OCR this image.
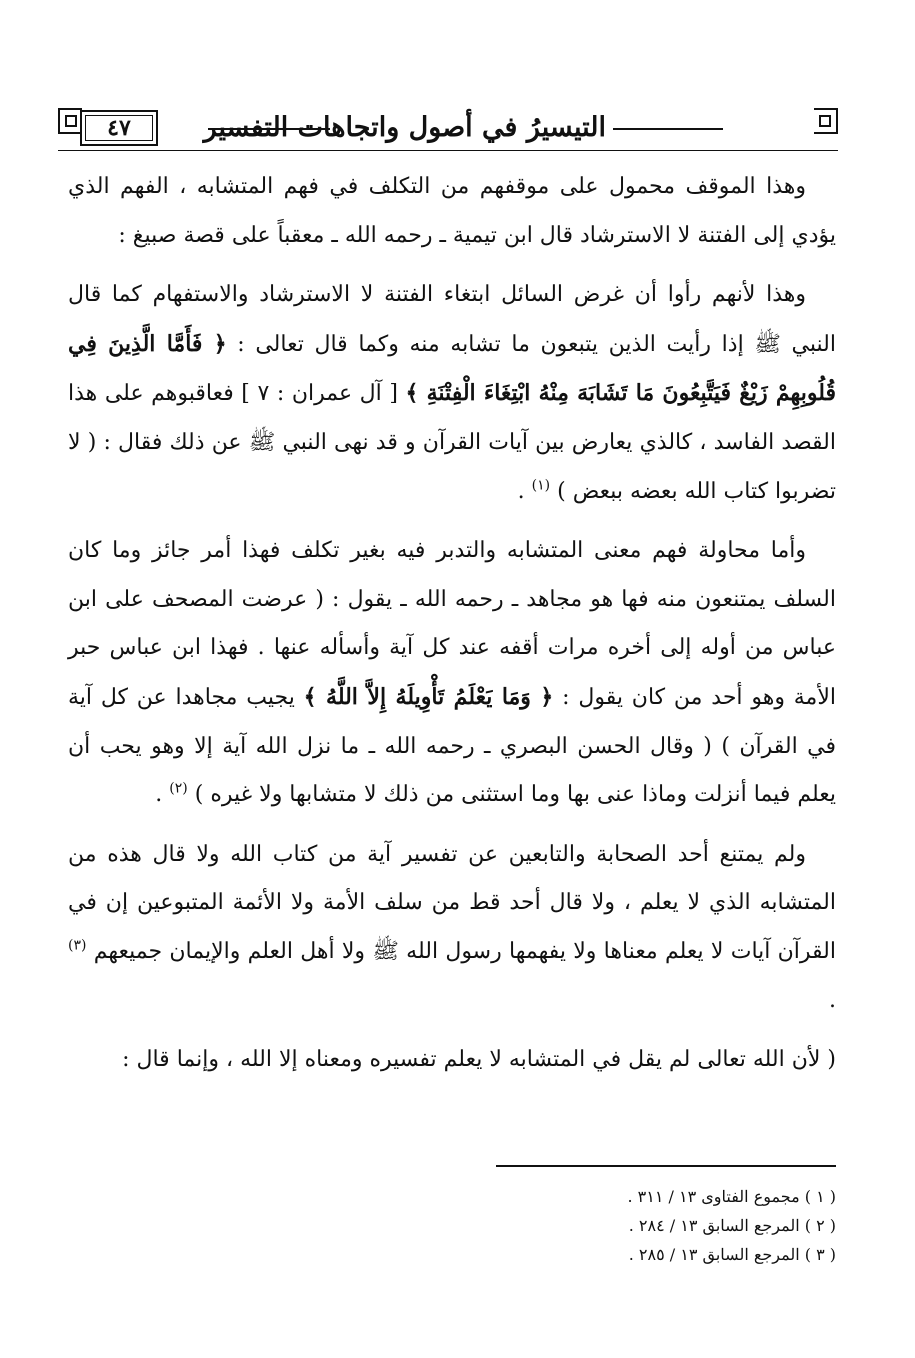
٤٧	التيسيرُ في أصول واتجاهات التفسير

وهذا الموقف محمول على موقفهم من التكلف في فهم المتشابه ، الفهم الذي يؤدي إلى الفتنة لا الاسترشاد قال ابن تيمية ـ رحمه الله ـ معقباً على قصة صبيغ :

وهذا لأنهم رأوا أن غرض السائل ابتغاء الفتنة لا الاسترشاد والاستفهام كما قال النبي ﷺ إذا رأيت الذين يتبعون ما تشابه منه وكما قال تعالى : ﴿ فَأَمَّا الَّذِينَ فِي قُلُوبِهِمْ زَيْغٌ فَيَتَّبِعُونَ مَا تَشَابَهَ مِنْهُ ابْتِغَاءَ الْفِتْنَةِ ﴾ [ آل عمران : ٧ ] فعاقبوهم على هذا القصد الفاسد ، كالذي يعارض بين آيات القرآن و قد نهى النبي ﷺ عن ذلك فقال : ( لا تضربوا كتاب الله بعضه ببعض ) $^{(١)}$ .

وأما محاولة فهم معنى المتشابه والتدبر فيه بغير تكلف فهذا أمر جائز وما كان السلف يمتنعون منه فها هو مجاهد ـ رحمه الله ـ يقول : ( عرضت المصحف على ابن عباس من أوله إلى أخره مرات أقفه عند كل آية وأسأله عنها . فهذا ابن عباس حبر الأمة وهو أحد من كان يقول : ﴿ وَمَا يَعْلَمُ تَأْوِيلَهُ إِلاَّ اللَّهُ ﴾ يجيب مجاهدا عن كل آية في القرآن ) ( وقال الحسن البصري ـ رحمه الله ـ ما نزل الله آية إلا وهو يحب أن يعلم فيما أنزلت وماذا عنى بها وما استثنى من ذلك لا متشابها ولا غيره ) $^{(٢)}$ .

ولم يمتنع أحد الصحابة والتابعين عن تفسير آية من كتاب الله ولا قال هذه من المتشابه الذي لا يعلم ، ولا قال أحد قط من سلف الأمة ولا الأئمة المتبوعين إن في القرآن آيات لا يعلم معناها ولا يفهمها رسول الله ﷺ ولا أهل العلم والإيمان جميعهم $^{(٣)}$ .

( لأن الله تعالى لم يقل في المتشابه لا يعلم تفسيره ومعناه إلا الله ، وإنما قال :

( ١ ) مجموع الفتاوى ١٣ / ٣١١ .
( ٢ ) المرجع السابق ١٣ / ٢٨٤ .
( ٣ ) المرجع السابق ١٣ / ٢٨٥ .
